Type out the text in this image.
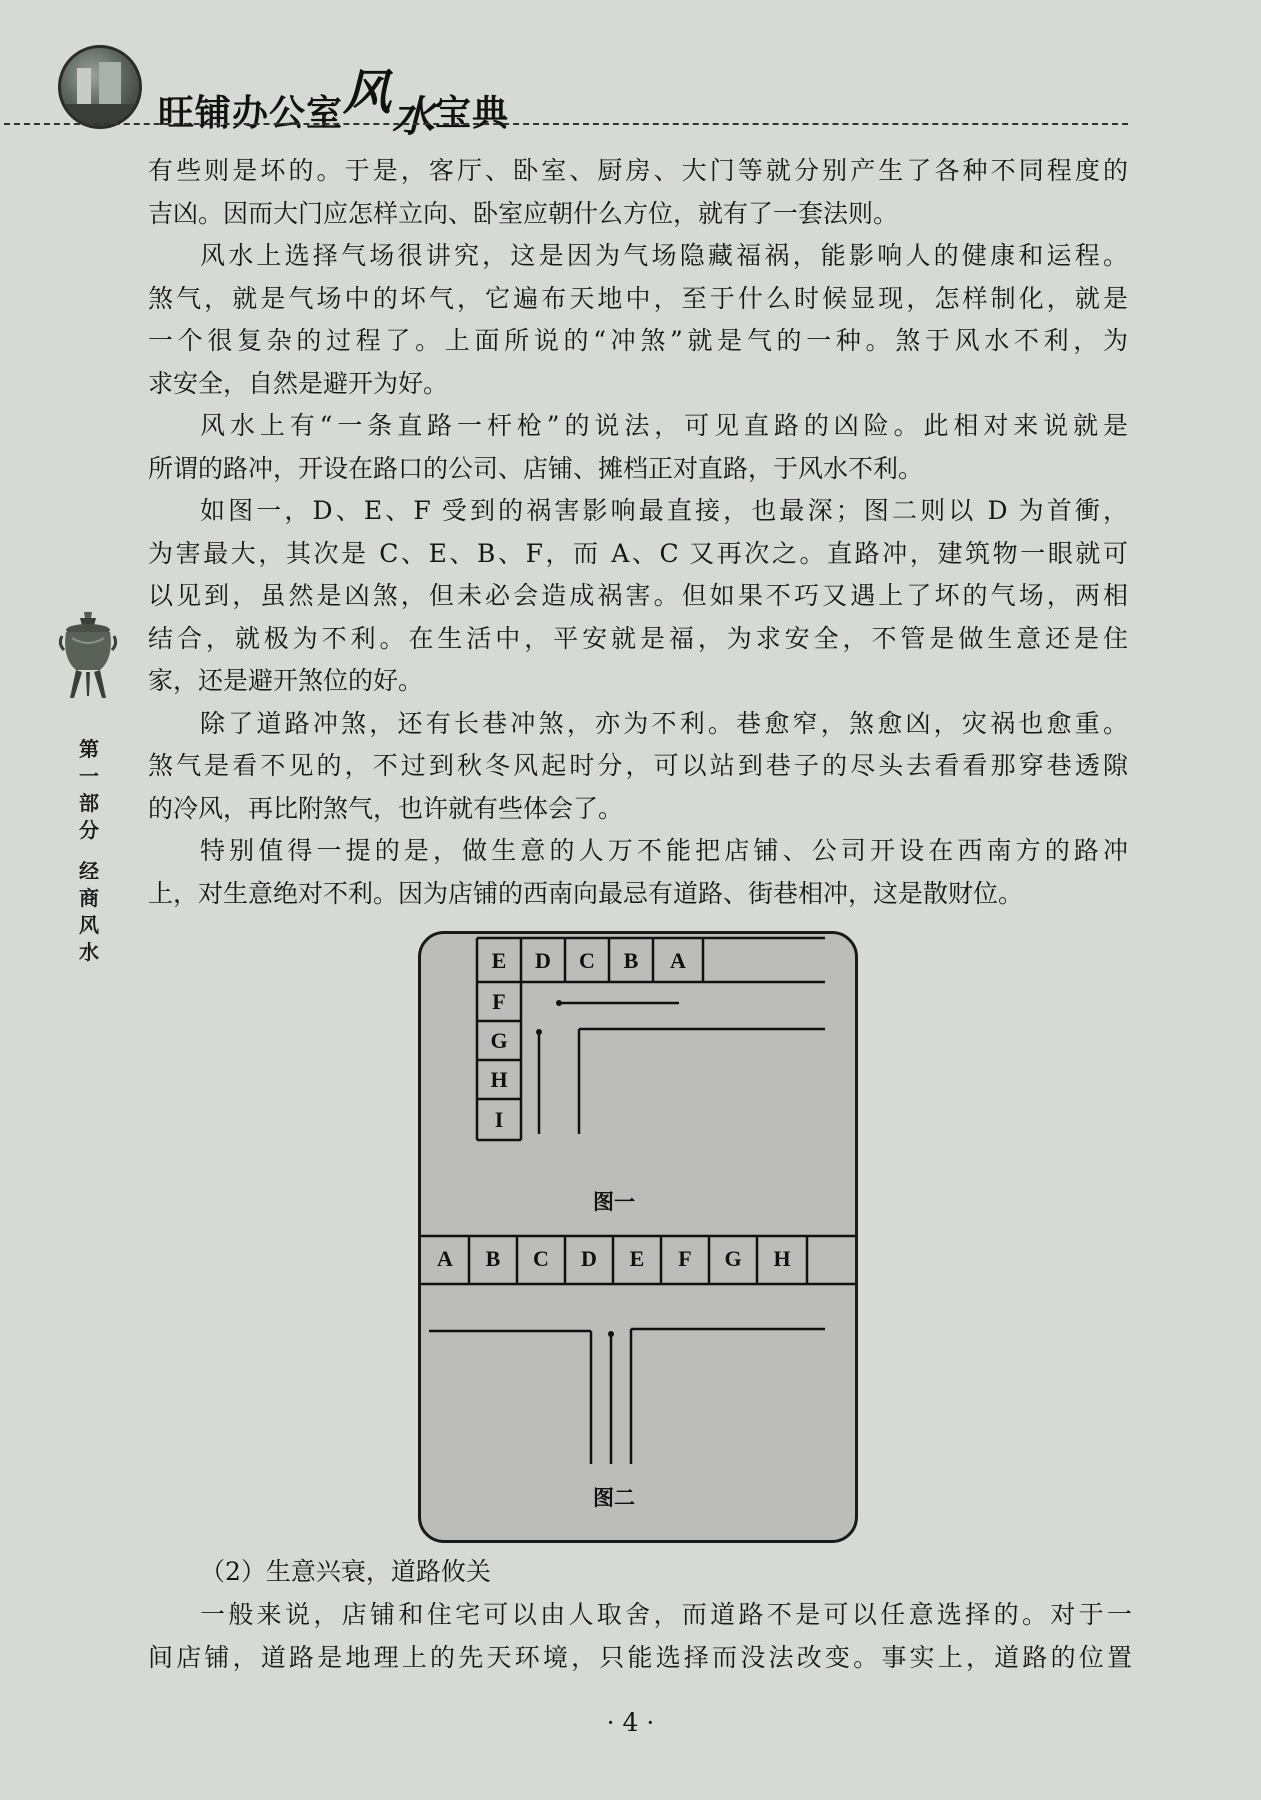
旺铺办公室风水宝典
第
一
部
分
经
商
风
水

有些则是坏的。于是，客厅、卧室、厨房、大门等就分别产生了各种不同程度的

吉凶。因而大门应怎样立向、卧室应朝什么方位，就有了一套法则。

风水上选择气场很讲究，这是因为气场隐藏福祸，能影响人的健康和运程。

煞气，就是气场中的坏气，它遍布天地中，至于什么时候显现，怎样制化，就是

一个很复杂的过程了。上面所说的“冲煞”就是气的一种。煞于风水不利，为

求安全，自然是避开为好。

风水上有“一条直路一杆枪”的说法，可见直路的凶险。此相对来说就是

所谓的路冲，开设在路口的公司、店铺、摊档正对直路，于风水不利。

如图一，D、E、F 受到的祸害影响最直接，也最深；图二则以 D 为首衝，

为害最大，其次是 C、E、B、F，而 A、C 又再次之。直路冲，建筑物一眼就可

以见到，虽然是凶煞，但未必会造成祸害。但如果不巧又遇上了坏的气场，两相

结合，就极为不利。在生活中，平安就是福，为求安全，不管是做生意还是住

家，还是避开煞位的好。

除了道路冲煞，还有长巷冲煞，亦为不利。巷愈窄，煞愈凶，灾祸也愈重。

煞气是看不见的，不过到秋冬风起时分，可以站到巷子的尽头去看看那穿巷透隙

的冷风，再比附煞气，也许就有些体会了。

特别值得一提的是，做生意的人万不能把店铺、公司开设在西南方的路冲

上，对生意绝对不利。因为店铺的西南向最忌有道路、街巷相冲，这是散财位。

E	D	C	B	A
F
G
H
I
图一
A	B	C	D	E	F	G	H
图二

（2）生意兴衰，道路攸关

一般来说，店铺和住宅可以由人取舍，而道路不是可以任意选择的。对于一

间店铺，道路是地理上的先天环境，只能选择而没法改变。事实上，道路的位置

· 4 ·
